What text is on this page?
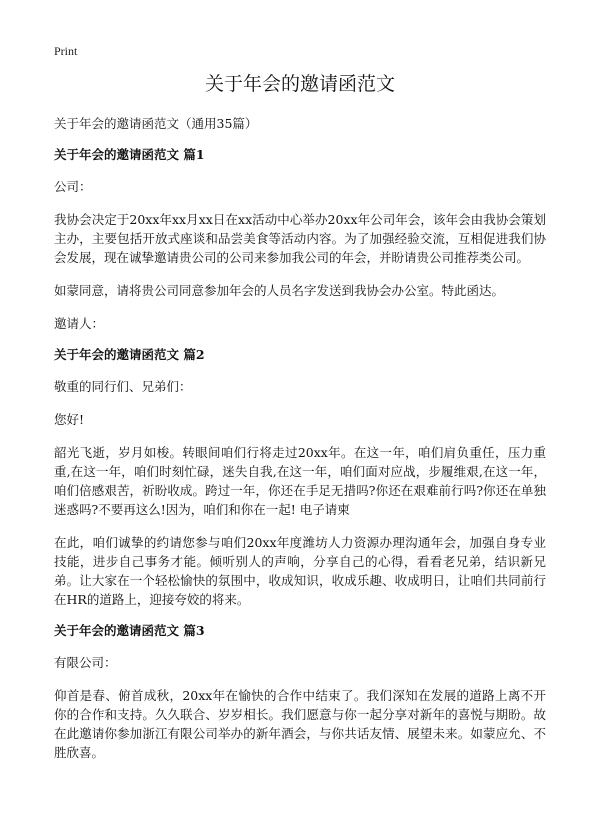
Print
关于年会的邀请函范文
关于年会的邀请函范文（通用35篇）
关于年会的邀请函范文 篇1

公司：

我协会决定于20xx年xx月xx日在xx活动中心举办20xx年公司年会，该年会由我协会策划主办，主要包括开放式座谈和品尝美食等活动内容。为了加强经验交流，互相促进我们协会发展，现在诚挚邀请贵公司的公司来参加我公司的年会，并盼请贵公司推荐类公司。

如蒙同意，请将贵公司同意参加年会的人员名字发送到我协会办公室。特此函达。

邀请人：

关于年会的邀请函范文 篇2

敬重的同行们、兄弟们：

您好!

韶光飞逝，岁月如梭。转眼间咱们行将走过20xx年。在这一年，咱们肩负重任，压力重重,在这一年，咱们时刻忙碌，迷失自我,在这一年，咱们面对应战，步履维艰,在这一年，咱们倍感艰苦，祈盼收成。跨过一年，你还在手足无措吗?你还在艰难前行吗?你还在单独迷惑吗?不要再这么!因为，咱们和你在一起! 电子请柬

在此，咱们诚挚的约请您参与咱们20xx年度潍坊人力资源办理沟通年会，加强自身专业技能，进步自己事务才能。倾听别人的声响，分享自己的心得，看看老兄弟，结识新兄弟。让大家在一个轻松愉快的氛围中，收成知识，收成乐趣、收成明日，让咱们共同前行在HR的道路上，迎接夸姣的将来。

关于年会的邀请函范文 篇3

有限公司：

仰首是春、俯首成秋，20xx年在愉快的合作中结束了。我们深知在发展的道路上离不开你的合作和支持。久久联合、岁岁相长。我们愿意与你一起分享对新年的喜悦与期盼。故在此邀请你参加浙江有限公司举办的新年酒会，与你共话友情、展望未来。如蒙应允、不胜欣喜。
